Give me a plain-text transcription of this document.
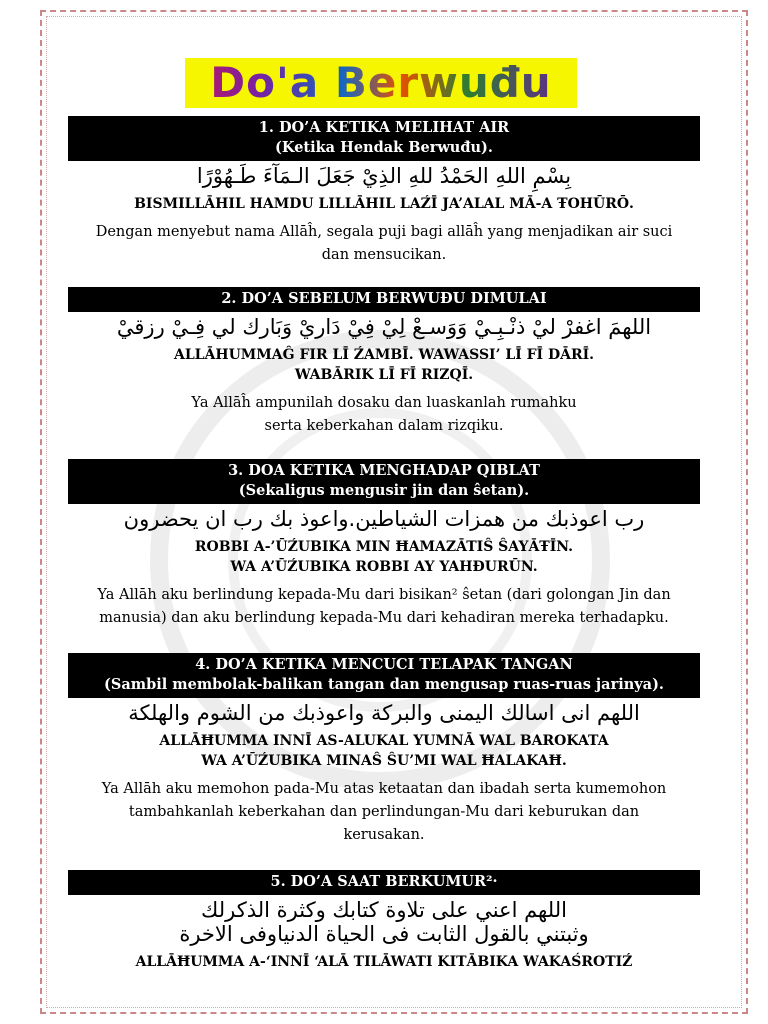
Do'a Berwuđu
1. DO’A KETIKA MELIHAT AIR
(Ketika Hendak Berwuđu).
بِسْمِ اللهِ الحَمْدُ للهِ الذِيْ جَعَلَ الـمَآءَ طَـهُوْرًا
BISMILLĀHIL HAMDU LILLĀHIL LAŹĪ JA’ALAL MĀ-A ŦOHŪRŌ.
Dengan menyebut nama Allāĥ, segala puji bagi allāĥ yang menjadikan air suci
dan mensucikan.
2. DO’A SEBELUM BERWUĐU DIMULAI
اللهمَ اغفرْ ليْ ذنْـبِـيْ وَوَسـعْ لِيْ فِيْ دَاريْ وَبَارك لي فِـيْ رزقيْ
ALLĀHUMMAĜ FIR LĪ ŹAMBĪ. WAWASSI’ LĪ FĪ DĀRĪ.
WABĀRIK LĪ FĪ RIZQĪ.
Ya Allāĥ ampunilah dosaku dan luaskanlah rumahku
serta keberkahan dalam rizqiku.
3. DOA KETIKA MENGHADAP QIBLAT
(Sekaligus mengusir jin dan ŝetan).
رب اعوذبك من همزات الشياطين.واعوذ بك رب ان يحضرون
ROBBI A-’ŪŹUBIKA MIN ĦAMAZĀTIŜ ŜAYĀŦĪN.
WA A’ŪŹUBIKA ROBBI AY YAHĐURŪN.
Ya Allāh aku berlindung kepada-Mu dari bisikan² ŝetan (dari golongan Jin dan
manusia) dan aku berlindung kepada-Mu dari kehadiran mereka terhadapku.
4. DO’A KETIKA MENCUCI TELAPAK TANGAN
(Sambil membolak-balikan tangan dan mengusap ruas-ruas jarinya).
اللهم انى اسالك اليمنى والبركة واعوذبك من الشوم والهلكة
ALLĀĦUMMA INNĪ AS-ALUKAL YUMNĀ WAL BAROKATA
WA A’ŪŹUBIKA MINAŜ ŜU’MI WAL ĦALAKAĦ.
Ya Allāh aku memohon pada-Mu atas ketaatan dan ibadah serta kumemohon
tambahkanlah keberkahan dan perlindungan-Mu dari keburukan dan
kerusakan.
5. DO’A SAAT BERKUMUR²·
اللهم اعني على تلاوة كتابك وكثرة الذكرلك
وثبتني بالقول الثابت فى الحياة الدنياوفى الاخرة
ALLĀĦUMMA A-‘INNĪ ‘ALĀ TILĀWATI KITĀBIKA WAKAŚROTIŹ
